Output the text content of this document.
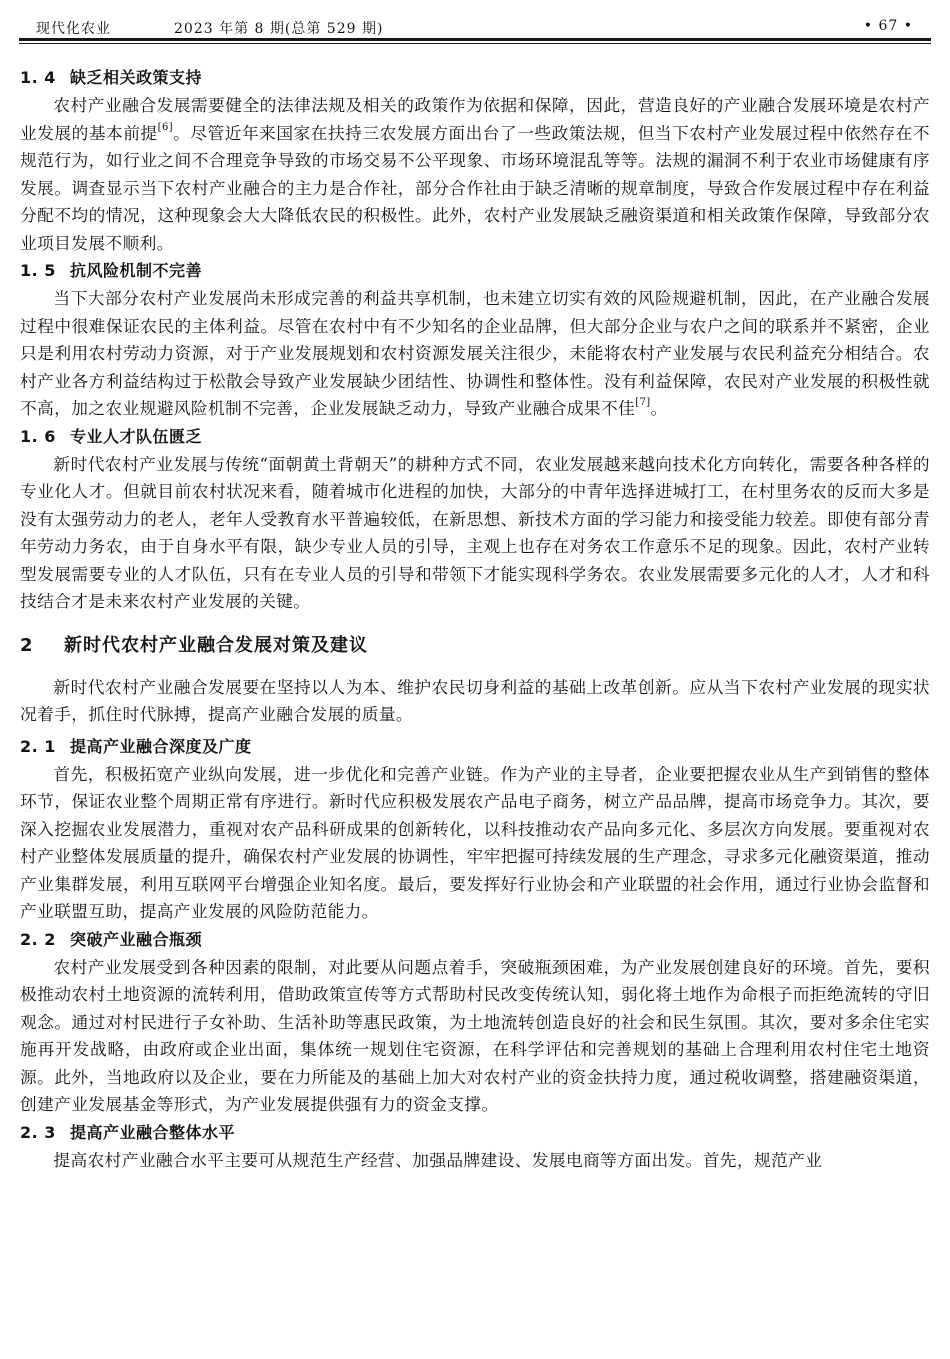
现代化农业	2023 年第 8 期(总第 529 期)	• 67 •
1. 4 缺乏相关政策支持

农村产业融合发展需要健全的法律法规及相关的政策作为依据和保障，因此，营造良好的产业融合发展环境是农村产业发展的基本前提[6]。尽管近年来国家在扶持三农发展方面出台了一些政策法规，但当下农村产业发展过程中依然存在不规范行为，如行业之间不合理竞争导致的市场交易不公平现象、市场环境混乱等等。法规的漏洞不利于农业市场健康有序发展。调查显示当下农村产业融合的主力是合作社，部分合作社由于缺乏清晰的规章制度，导致合作发展过程中存在利益分配不均的情况，这种现象会大大降低农民的积极性。此外，农村产业发展缺乏融资渠道和相关政策作保障，导致部分农业项目发展不顺利。

1. 5 抗风险机制不完善

当下大部分农村产业发展尚未形成完善的利益共享机制，也未建立切实有效的风险规避机制，因此，在产业融合发展过程中很难保证农民的主体利益。尽管在农村中有不少知名的企业品牌，但大部分企业与农户之间的联系并不紧密，企业只是利用农村劳动力资源，对于产业发展规划和农村资源发展关注很少，未能将农村产业发展与农民利益充分相结合。农村产业各方利益结构过于松散会导致产业发展缺少团结性、协调性和整体性。没有利益保障，农民对产业发展的积极性就不高，加之农业规避风险机制不完善，企业发展缺乏动力，导致产业融合成果不佳[7]。

1. 6 专业人才队伍匮乏

新时代农村产业发展与传统“面朝黄土背朝天”的耕种方式不同，农业发展越来越向技术化方向转化，需要各种各样的专业化人才。但就目前农村状况来看，随着城市化进程的加快，大部分的中青年选择进城打工，在村里务农的反而大多是没有太强劳动力的老人，老年人受教育水平普遍较低，在新思想、新技术方面的学习能力和接受能力较差。即使有部分青年劳动力务农，由于自身水平有限，缺少专业人员的引导，主观上也存在对务农工作意乐不足的现象。因此，农村产业转型发展需要专业的人才队伍，只有在专业人员的引导和带领下才能实现科学务农。农业发展需要多元化的人才，人才和科技结合才是未来农村产业发展的关键。

2 新时代农村产业融合发展对策及建议

新时代农村产业融合发展要在坚持以人为本、维护农民切身利益的基础上改革创新。应从当下农村产业发展的现实状况着手，抓住时代脉搏，提高产业融合发展的质量。

2. 1 提高产业融合深度及广度

首先，积极拓宽产业纵向发展，进一步优化和完善产业链。作为产业的主导者，企业要把握农业从生产到销售的整体环节，保证农业整个周期正常有序进行。新时代应积极发展农产品电子商务，树立产品品牌，提高市场竞争力。其次，要深入挖掘农业发展潜力，重视对农产品科研成果的创新转化，以科技推动农产品向多元化、多层次方向发展。要重视对农村产业整体发展质量的提升，确保农村产业发展的协调性，牢牢把握可持续发展的生产理念，寻求多元化融资渠道，推动产业集群发展，利用互联网平台增强企业知名度。最后，要发挥好行业协会和产业联盟的社会作用，通过行业协会监督和产业联盟互助，提高产业发展的风险防范能力。

2. 2 突破产业融合瓶颈

农村产业发展受到各种因素的限制，对此要从问题点着手，突破瓶颈困难，为产业发展创建良好的环境。首先，要积极推动农村土地资源的流转利用，借助政策宣传等方式帮助村民改变传统认知，弱化将土地作为命根子而拒绝流转的守旧观念。通过对村民进行子女补助、生活补助等惠民政策，为土地流转创造良好的社会和民生氛围。其次，要对多余住宅实施再开发战略，由政府或企业出面，集体统一规划住宅资源，在科学评估和完善规划的基础上合理利用农村住宅土地资源。此外，当地政府以及企业，要在力所能及的基础上加大对农村产业的资金扶持力度，通过税收调整，搭建融资渠道，创建产业发展基金等形式，为产业发展提供强有力的资金支撑。

2. 3 提高产业融合整体水平

提高农村产业融合水平主要可从规范生产经营、加强品牌建设、发展电商等方面出发。首先，规范产业
